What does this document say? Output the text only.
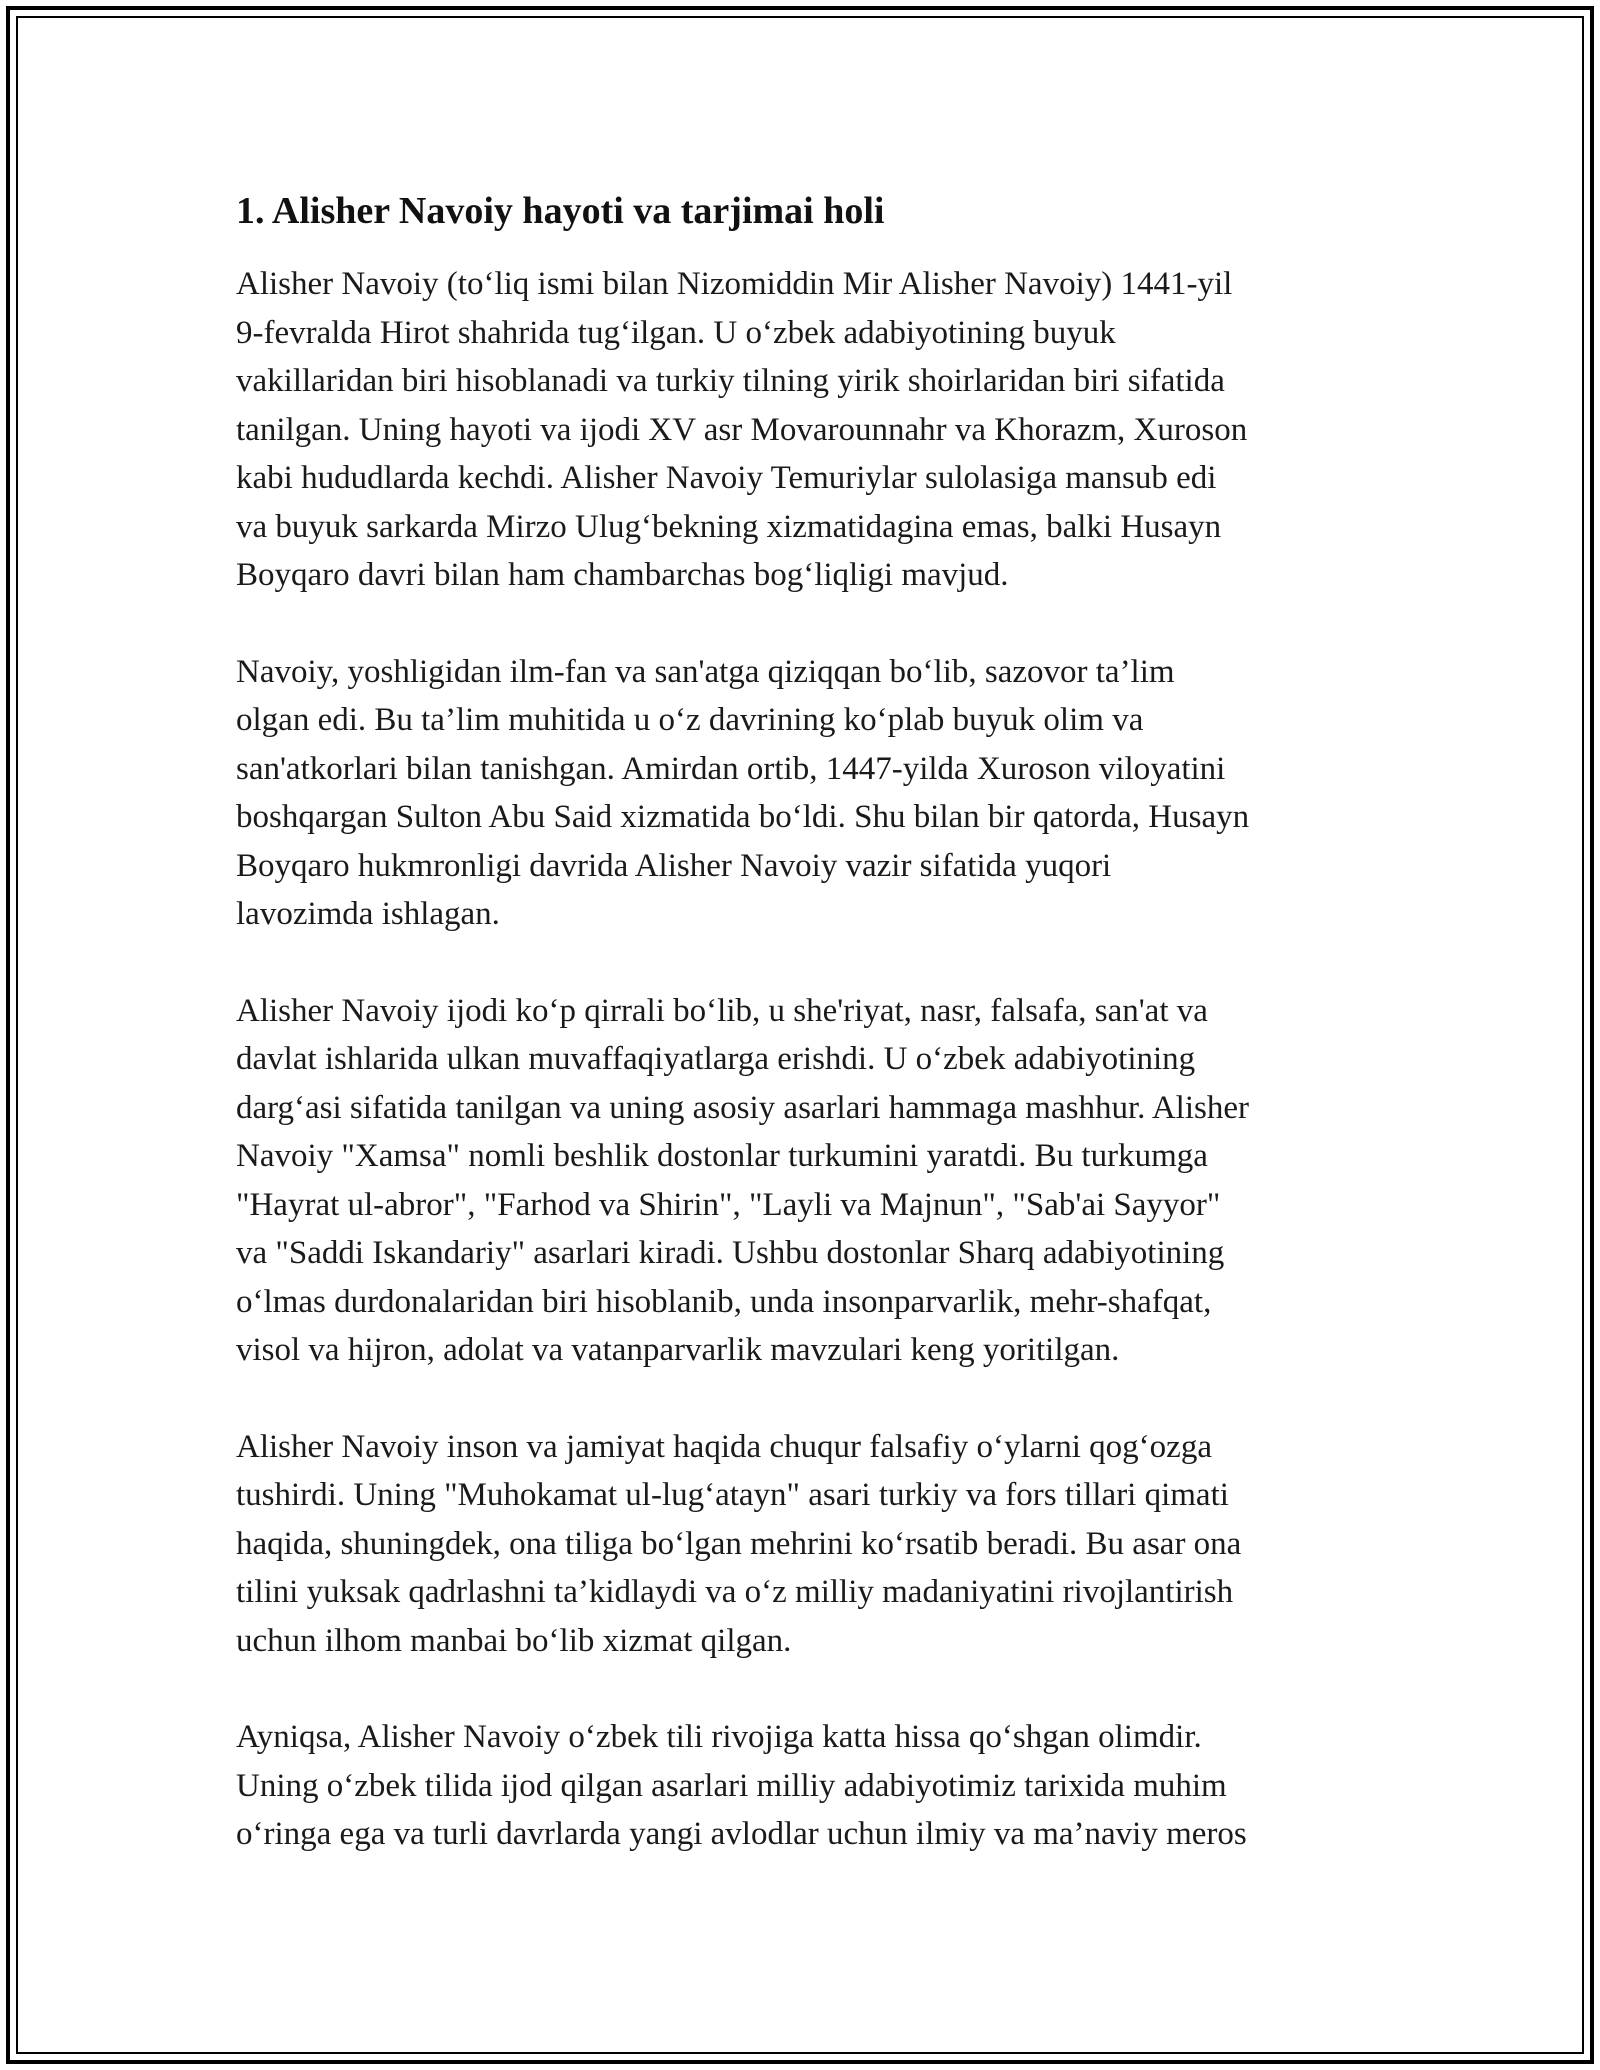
1. Alisher Navoiy hayoti va tarjimai holi
Alisher Navoiy (to‘liq ismi bilan Nizomiddin Mir Alisher Navoiy) 1441-yil
9-fevralda Hirot shahrida tug‘ilgan. U o‘zbek adabiyotining buyuk
vakillaridan biri hisoblanadi va turkiy tilning yirik shoirlaridan biri sifatida
tanilgan. Uning hayoti va ijodi XV asr Movarounnahr va Khorazm, Xuroson
kabi hududlarda kechdi. Alisher Navoiy Temuriylar sulolasiga mansub edi
va buyuk sarkarda Mirzo Ulug‘bekning xizmatidagina emas, balki Husayn
Boyqaro davri bilan ham chambarchas bog‘liqligi mavjud.
Navoiy, yoshligidan ilm-fan va san'atga qiziqqan bo‘lib, sazovor ta’lim
olgan edi. Bu ta’lim muhitida u o‘z davrining ko‘plab buyuk olim va
san'atkorlari bilan tanishgan. Amirdan ortib, 1447-yilda Xuroson viloyatini
boshqargan Sulton Abu Said xizmatida bo‘ldi. Shu bilan bir qatorda, Husayn
Boyqaro hukmronligi davrida Alisher Navoiy vazir sifatida yuqori
lavozimda ishlagan.
Alisher Navoiy ijodi ko‘p qirrali bo‘lib, u she'riyat, nasr, falsafa, san'at va
davlat ishlarida ulkan muvaffaqiyatlarga erishdi. U o‘zbek adabiyotining
darg‘asi sifatida tanilgan va uning asosiy asarlari hammaga mashhur. Alisher
Navoiy "Xamsa" nomli beshlik dostonlar turkumini yaratdi. Bu turkumga
"Hayrat ul-abror", "Farhod va Shirin", "Layli va Majnun", "Sab'ai Sayyor"
va "Saddi Iskandariy" asarlari kiradi. Ushbu dostonlar Sharq adabiyotining
o‘lmas durdonalaridan biri hisoblanib, unda insonparvarlik, mehr-shafqat,
visol va hijron, adolat va vatanparvarlik mavzulari keng yoritilgan.
Alisher Navoiy inson va jamiyat haqida chuqur falsafiy o‘ylarni qog‘ozga
tushirdi. Uning "Muhokamat ul-lug‘atayn" asari turkiy va fors tillari qimati
haqida, shuningdek, ona tiliga bo‘lgan mehrini ko‘rsatib beradi. Bu asar ona
tilini yuksak qadrlashni ta’kidlaydi va o‘z milliy madaniyatini rivojlantirish
uchun ilhom manbai bo‘lib xizmat qilgan.
Ayniqsa, Alisher Navoiy o‘zbek tili rivojiga katta hissa qo‘shgan olimdir.
Uning o‘zbek tilida ijod qilgan asarlari milliy adabiyotimiz tarixida muhim
o‘ringa ega va turli davrlarda yangi avlodlar uchun ilmiy va ma’naviy meros
